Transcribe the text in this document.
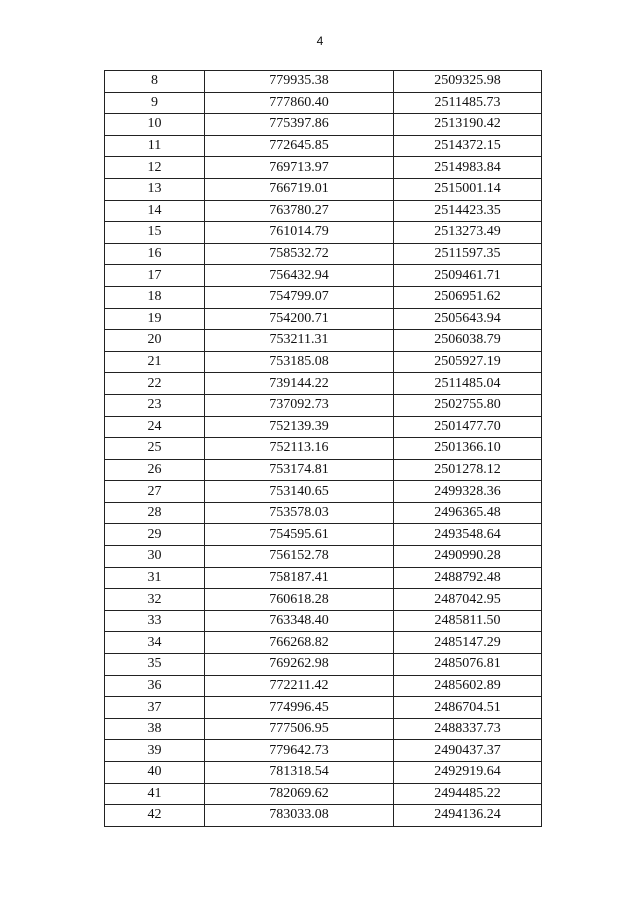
4
8	779935.38	2509325.98
9	777860.40	2511485.73
10	775397.86	2513190.42
11	772645.85	2514372.15
12	769713.97	2514983.84
13	766719.01	2515001.14
14	763780.27	2514423.35
15	761014.79	2513273.49
16	758532.72	2511597.35
17	756432.94	2509461.71
18	754799.07	2506951.62
19	754200.71	2505643.94
20	753211.31	2506038.79
21	753185.08	2505927.19
22	739144.22	2511485.04
23	737092.73	2502755.80
24	752139.39	2501477.70
25	752113.16	2501366.10
26	753174.81	2501278.12
27	753140.65	2499328.36
28	753578.03	2496365.48
29	754595.61	2493548.64
30	756152.78	2490990.28
31	758187.41	2488792.48
32	760618.28	2487042.95
33	763348.40	2485811.50
34	766268.82	2485147.29
35	769262.98	2485076.81
36	772211.42	2485602.89
37	774996.45	2486704.51
38	777506.95	2488337.73
39	779642.73	2490437.37
40	781318.54	2492919.64
41	782069.62	2494485.22
42	783033.08	2494136.24
